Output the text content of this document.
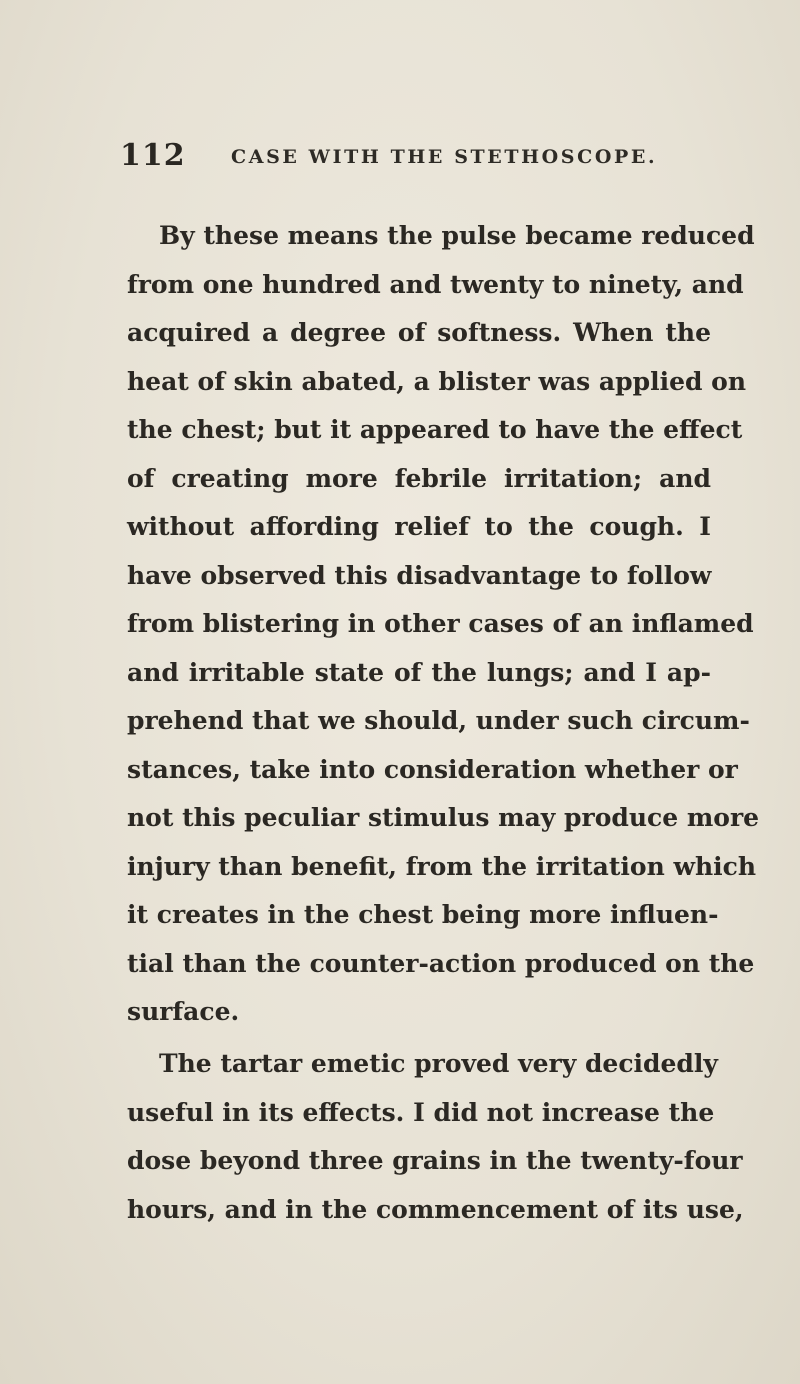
112 CASE WITH THE STETHOSCOPE.
By these means the pulse became reduced
from one hundred and twenty to ninety, and
acquired a degree of softness. When the
heat of skin abated, a blister was applied on
the chest; but it appeared to have the effect
of creating more febrile irritation; and
without affording relief to the cough. I
have observed this disadvantage to follow
from blistering in other cases of an inflamed
and irritable state of the lungs; and I ap-
prehend that we should, under such circum-
stances, take into consideration whether or
not this peculiar stimulus may produce more
injury than benefit, from the irritation which
it creates in the chest being more influen-
tial than the counter-action produced on the
surface.
The tartar emetic proved very decidedly
useful in its effects. I did not increase the
dose beyond three grains in the twenty-four
hours, and in the commencement of its use,
